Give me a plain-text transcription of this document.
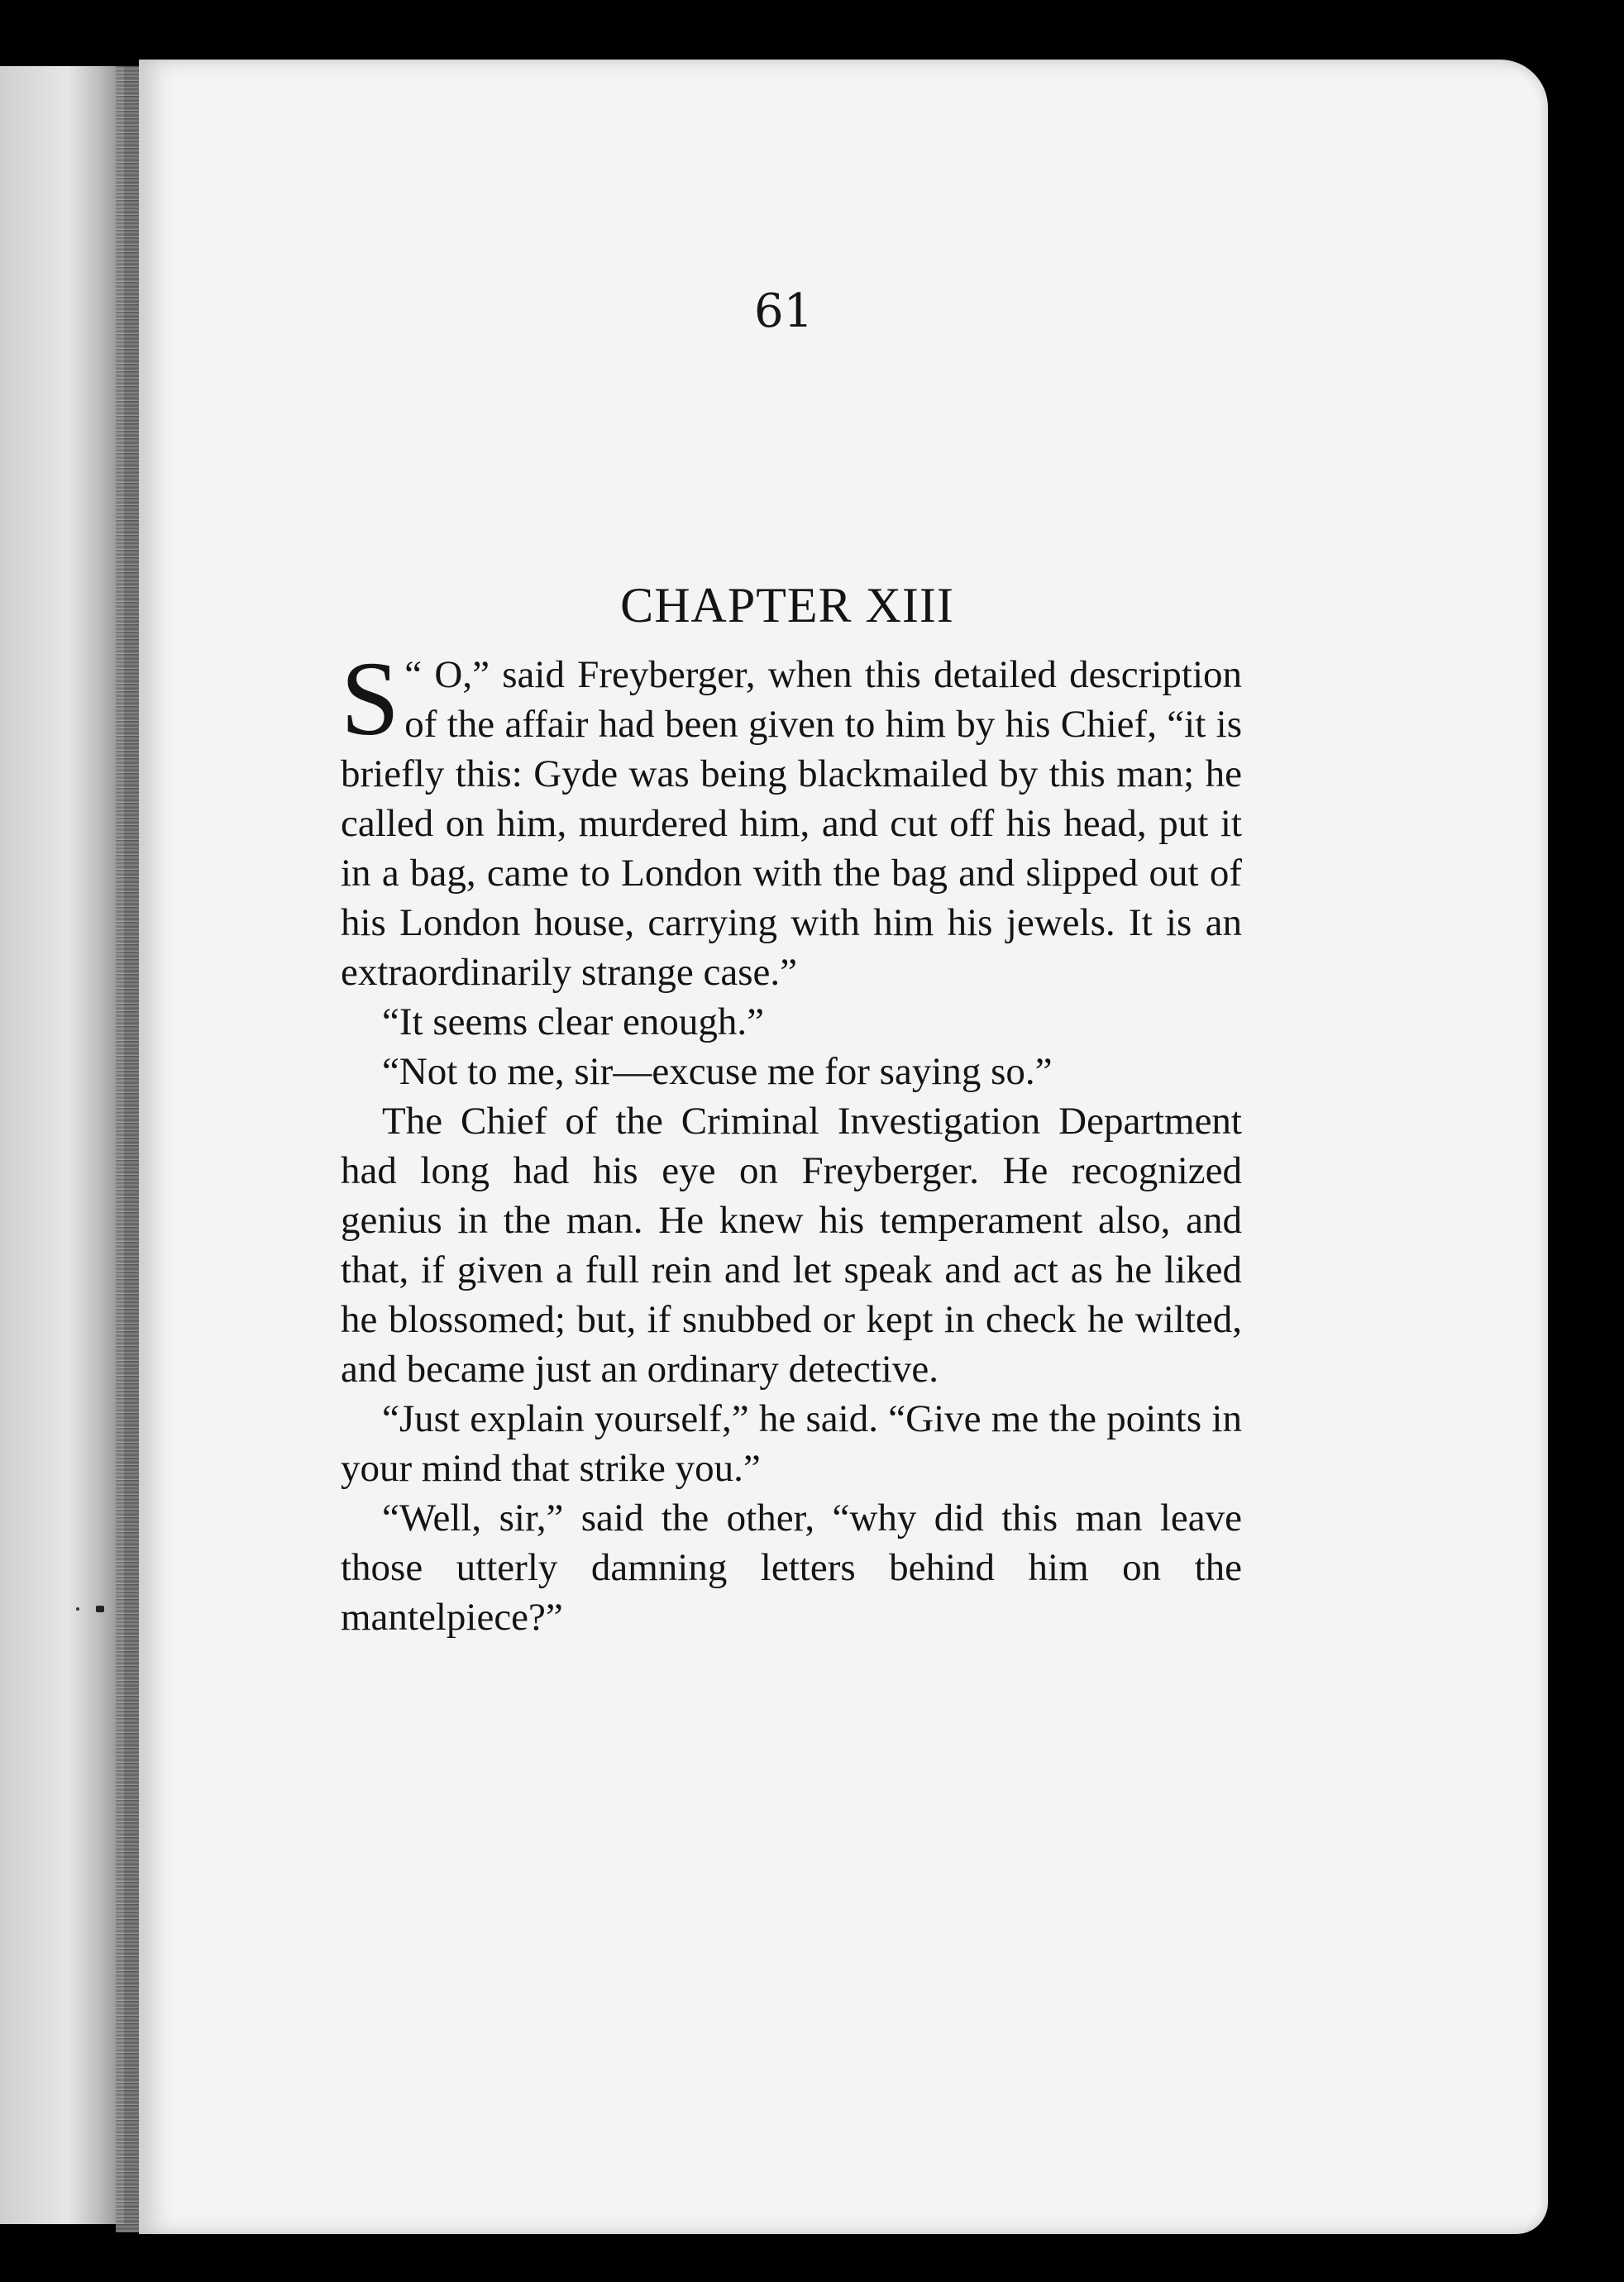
61

CHAPTER XIII

“
S O,” said Freyberger, when this detailed description of the affair had been given to him by his Chief, “it is briefly this: Gyde was being blackmailed by this man; he called on him, murdered him, and cut off his head, put it in a bag, came to London with the bag and slipped out of his London house, carrying with him his jewels. It is an extraordinarily strange case.”

“It seems clear enough.”

“Not to me, sir—excuse me for saying so.”

The Chief of the Criminal Investigation Department had long had his eye on Freyberger. He recognized genius in the man. He knew his temperament also, and that, if given a full rein and let speak and act as he liked he blossomed; but, if snubbed or kept in check he wilted, and became just an ordinary detective.

“Just explain yourself,” he said. “Give me the points in your mind that strike you.”

“Well, sir,” said the other, “why did this man leave those utterly damning letters behind him on the mantelpiece?”
